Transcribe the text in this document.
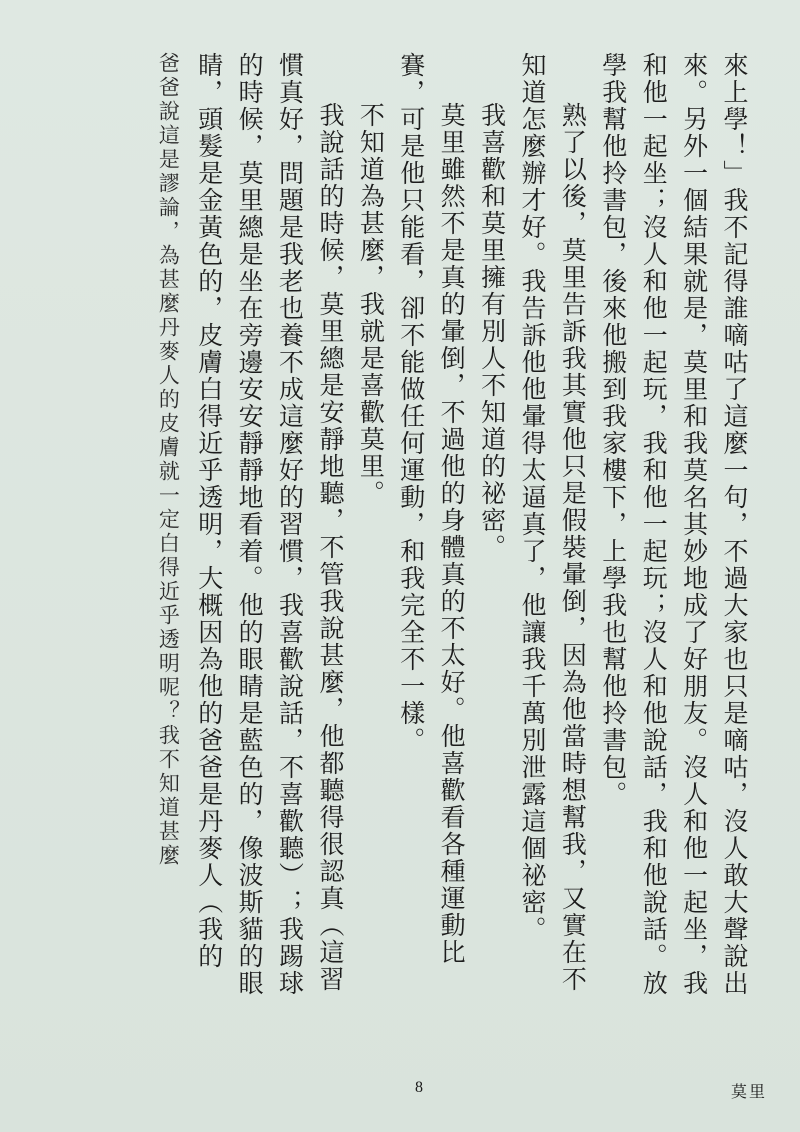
來上學！」我不記得誰嘀咕了這麼一句，不過大家也只是嘀咕，沒人敢大聲說出
來。另外一個結果就是，莫里和我莫名其妙地成了好朋友。沒人和他一起坐，我
和他一起坐；沒人和他一起玩，我和他一起玩；沒人和他說話，我和他說話。放
學我幫他拎書包，後來他搬到我家樓下，上學我也幫他拎書包。
熟了以後，莫里告訴我其實他只是假裝暈倒，因為他當時想幫我，又實在不
知道怎麼辦才好。我告訴他他暈得太逼真了，他讓我千萬別泄露這個祕密。
我喜歡和莫里擁有別人不知道的祕密。
莫里雖然不是真的暈倒，不過他的身體真的不太好。他喜歡看各種運動比
賽，可是他只能看，卻不能做任何運動，和我完全不一樣。
不知道為甚麼，我就是喜歡莫里。
我說話的時候，莫里總是安靜地聽，不管我說甚麼，他都聽得很認真（這習
慣真好，問題是我老也養不成這麼好的習慣，我喜歡說話，不喜歡聽）；我踢球
的時候，莫里總是坐在旁邊安安靜靜地看着。他的眼睛是藍色的，像波斯貓的眼
睛，頭髮是金黃色的，皮膚白得近乎透明，大概因為他的爸爸是丹麥人（我的
爸爸說這是謬論，為甚麼丹麥人的皮膚就一定白得近乎透明呢？我不知道甚麼
8	莫里
